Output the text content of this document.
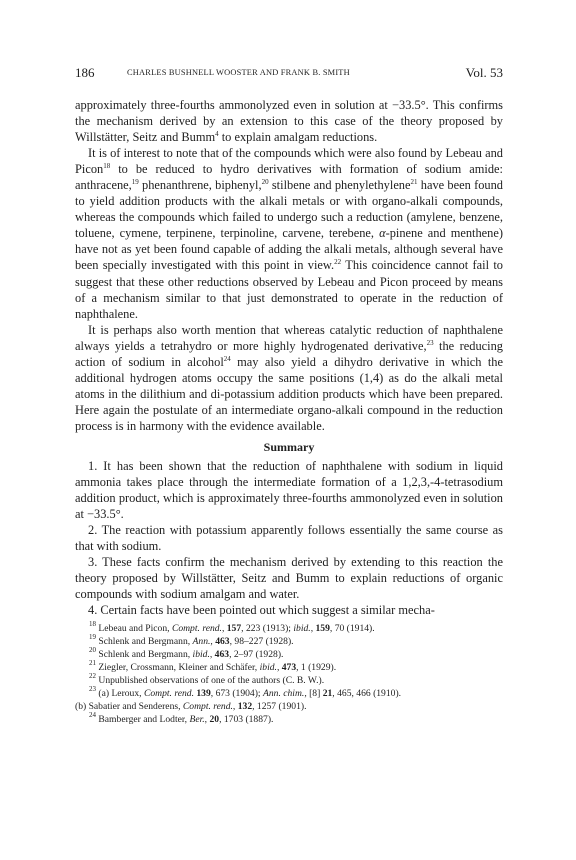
186	CHARLES BUSHNELL WOOSTER AND FRANK B. SMITH	Vol. 53

approximately three-fourths ammonolyzed even in solution at −33.5°. This confirms the mechanism derived by an extension to this case of the theory proposed by Willstätter, Seitz and Bumm$^4$ to explain amalgam reductions.

It is of interest to note that of the compounds which were also found by Lebeau and Picon$^{18}$ to be reduced to hydro derivatives with formation of sodium amide: anthracene,$^{19}$ phenanthrene, biphenyl,$^{20}$ stilbene and phenylethylene$^{21}$ have been found to yield addition products with the alkali metals or with organo-alkali compounds, whereas the compounds which failed to undergo such a reduction (amylene, benzene, toluene, cymene, terpinene, terpinoline, carvene, terebene, α-pinene and menthene) have not as yet been found capable of adding the alkali metals, although several have been specially investigated with this point in view.$^{22}$ This coincidence cannot fail to suggest that these other reductions observed by Lebeau and Picon proceed by means of a mechanism similar to that just demonstrated to operate in the reduction of naphthalene.

It is perhaps also worth mention that whereas catalytic reduction of naphthalene always yields a tetrahydro or more highly hydrogenated derivative,$^{23}$ the reducing action of sodium in alcohol$^{24}$ may also yield a dihydro derivative in which the additional hydrogen atoms occupy the same positions (1,4) as do the alkali metal atoms in the dilithium and di-potassium addition products which have been prepared. Here again the postulate of an intermediate organo-alkali compound in the reduction process is in harmony with the evidence available.

Summary

1. It has been shown that the reduction of naphthalene with sodium in liquid ammonia takes place through the intermediate formation of a 1,2,3,-4-tetrasodium addition product, which is approximately three-fourths ammonolyzed even in solution at −33.5°.

2. The reaction with potassium apparently follows essentially the same course as that with sodium.

3. These facts confirm the mechanism derived by extending to this reaction the theory proposed by Willstätter, Seitz and Bumm to explain reductions of organic compounds with sodium amalgam and water.

4. Certain facts have been pointed out which suggest a similar mecha-

$^{18}$ Lebeau and Picon, Compt. rend., 157, 223 (1913); ibid., 159, 70 (1914).

$^{19}$ Schlenk and Bergmann, Ann., 463, 98–227 (1928).

$^{20}$ Schlenk and Bergmann, ibid., 463, 2–97 (1928).

$^{21}$ Ziegler, Crossmann, Kleiner and Schäfer, ibid., 473, 1 (1929).

$^{22}$ Unpublished observations of one of the authors (C. B. W.).

$^{23}$ (a) Leroux, Compt. rend. 139, 673 (1904); Ann. chim., [8] 21, 465, 466 (1910).

(b) Sabatier and Senderens, Compt. rend., 132, 1257 (1901).

$^{24}$ Bamberger and Lodter, Ber., 20, 1703 (1887).
